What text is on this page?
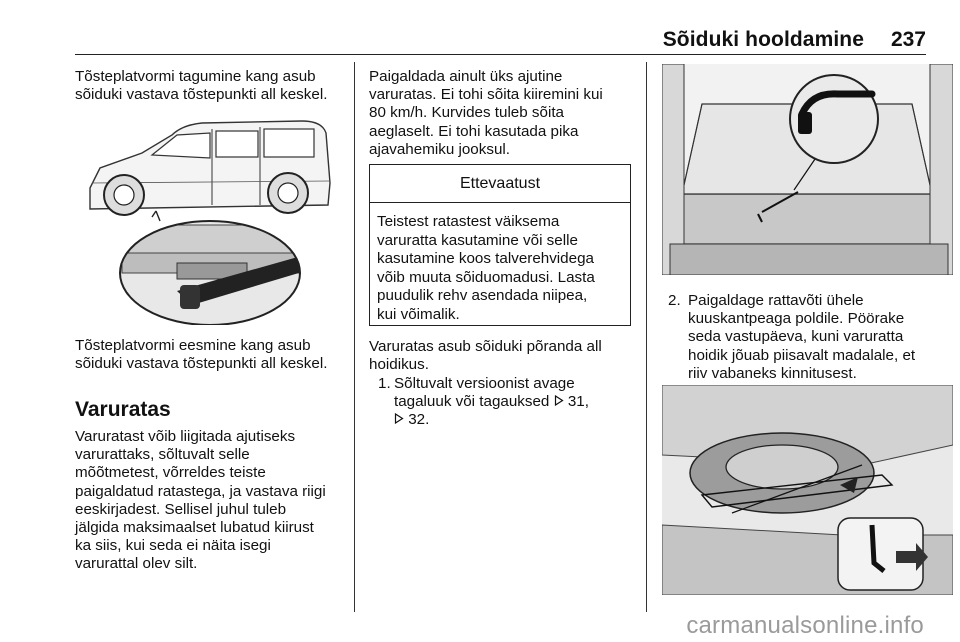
Sõiduki hooldamine 237
Tõsteplatvormi tagumine kang asub
sõiduki vastava tõstepunkti all keskel.
Tõsteplatvormi eesmine kang asub
sõiduki vastava tõstepunkti all keskel.
Varuratas
Varuratast võib liigitada ajutiseks
varurattaks, sõltuvalt selle
mõõtmetest, võrreldes teiste
paigaldatud ratastega, ja vastava riigi
eeskirjadest. Sellisel juhul tuleb
jälgida maksimaalset lubatud kiirust
ka siis, kui seda ei näita isegi
varurattal olev silt.
Paigaldada ainult üks ajutine
varuratas. Ei tohi sõita kiiremini kui
80 km/h. Kurvides tuleb sõita
aeglaselt. Ei tohi kasutada pika
ajavahemiku jooksul.
Ettevaatust
Teistest ratastest väiksema
varuratta kasutamine või selle
kasutamine koos talverehvidega
võib muuta sõiduomadusi. Lasta
puudulik rehv asendada niipea,
kui võimalik.
Varuratas asub sõiduki põranda all
hoidikus.
1. Sõltuvalt versioonist avage
tagaluuk või tagauksed 31,
32.
2. Paigaldage rattavõti ühele
kuuskantpeaga poldile. Pöörake
seda vastupäeva, kuni varuratta
hoidik jõuab piisavalt madalale, et
riiv vabaneks kinnitusest.
carmanualsonline.info
